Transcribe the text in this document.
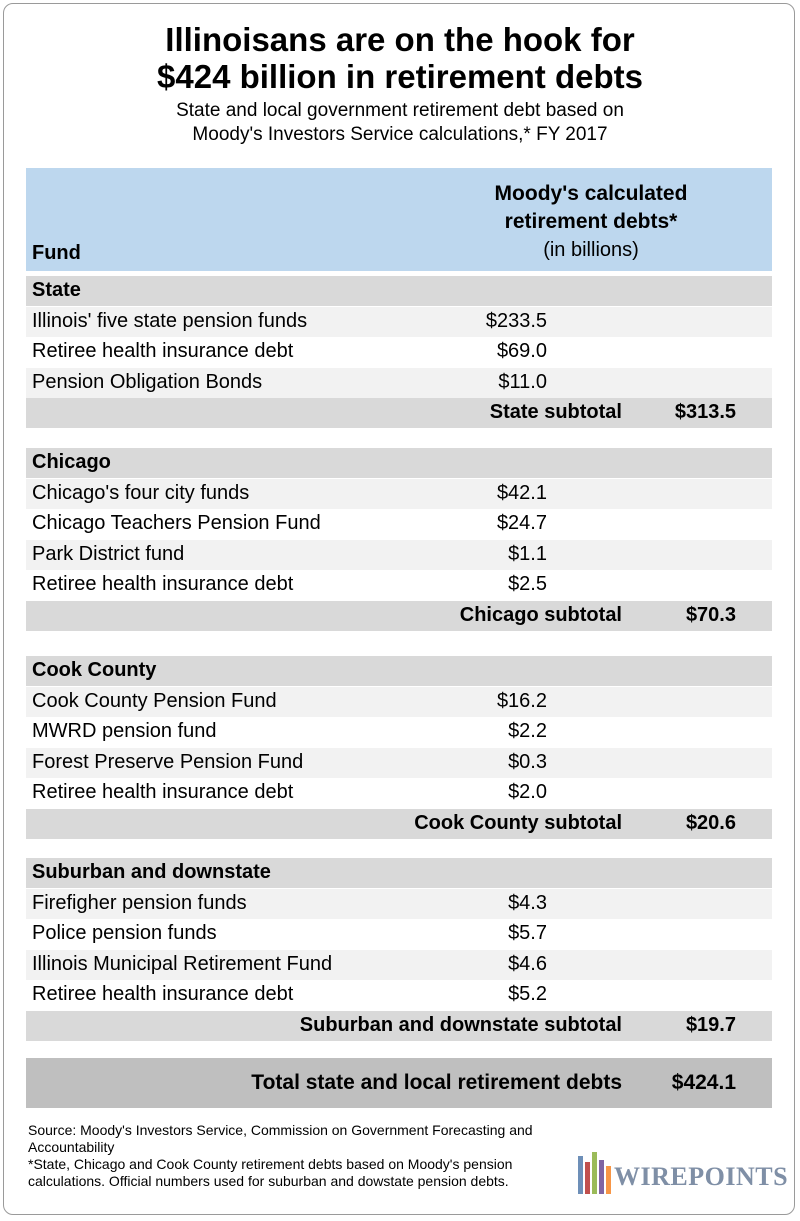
Illinoisans are on the hook for
$424 billion in retirement debts
State and local government retirement debt based on
Moody's Investors Service calculations,* FY 2017
Fund
Moody's calculated
retirement debts*
(in billions)
State
Illinois' five state pension funds	$233.5
Retiree health insurance debt	$69.0
Pension Obligation Bonds	$11.0
State subtotal	$313.5
Chicago
Chicago's four city funds	$42.1
Chicago Teachers Pension Fund	$24.7
Park District fund	$1.1
Retiree health insurance debt	$2.5
Chicago subtotal	$70.3
Cook County
Cook County Pension Fund	$16.2
MWRD pension fund	$2.2
Forest Preserve Pension Fund	$0.3
Retiree health insurance debt	$2.0
Cook County subtotal	$20.6
Suburban and downstate
Firefigher pension funds	$4.3
Police pension funds	$5.7
Illinois Municipal Retirement Fund	$4.6
Retiree health insurance debt	$5.2
Suburban and downstate subtotal	$19.7
Total state and local retirement debts $424.1
Source: Moody's Investors Service, Commission on Government Forecasting and Accountability
*State, Chicago and Cook County retirement debts based on Moody's pension calculations. Official numbers used for suburban and dowstate pension debts.	WIREPOINTS
